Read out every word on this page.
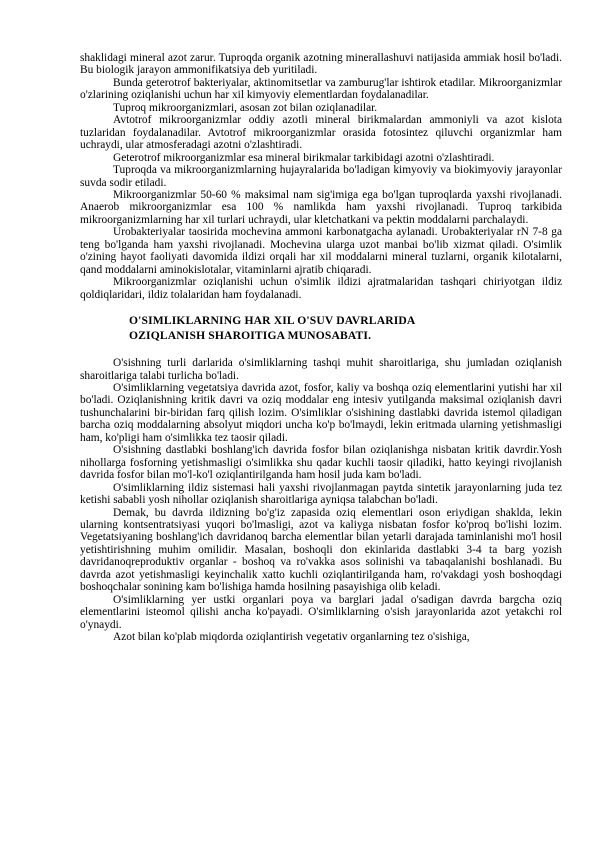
shaklidagi mineral azot zarur. Tuproqda organik azotning minerallashuvi natijasida ammiak hosil bo'ladi. Bu biologik jarayon ammonifikatsiya deb yuritiladi.

Bunda geterotrof bakteriyalar, aktinomitsetlar va zamburug'lar ishtirok etadilar. Mikroorganizmlar o'zlarining oziqlanishi uchun har xil kimyoviy elementlardan foydalanadilar.

Tuproq mikroorganizmlari, asosan zot bilan oziqlanadilar.

Avtotrof mikroorganizmlar oddiy azotli mineral birikmalardan ammoniyli va azot kislota tuzlaridan foydalanadilar. Avtotrof mikroorganizmlar orasida fotosintez qiluvchi organizmlar ham uchraydi, ular atmosferadagi azotni o'zlashtiradi.

Geterotrof mikroorganizmlar esa mineral birikmalar tarkibidagi azotni o'zlashtiradi.

Tuproqda va mikroorganizmlarning hujayralarida bo'ladigan kimyoviy va biokimyoviy jarayonlar suvda sodir etiladi.

Mikroorganizmlar 50-60 % maksimal nam sig'imiga ega bo'lgan tuproqlarda yaxshi rivojlanadi. Anaerob mikroorganizmlar esa 100 % namlikda ham yaxshi rivojlanadi. Tuproq tarkibida mikroorganizmlarning har xil turlari uchraydi, ular kletchatkani va pektin moddalarni parchalaydi.

Urobakteriyalar taosirida mochevina ammoni karbonatgacha aylanadi. Urobakteriyalar rN 7-8 ga teng bo'lganda ham yaxshi rivojlanadi. Mochevina ularga uzot manbai bo'lib xizmat qiladi. O'simlik o'zining hayot faoliyati davomida ildizi orqali har xil moddalarni mineral tuzlarni, organik kilotalarni, qand moddalarni aminokislotalar, vitaminlarni ajratib chiqaradi.

Mikroorganizmlar oziqlanishi uchun o'simlik ildizi ajratmalaridan tashqari chiriyotgan ildiz qoldiqlaridari, ildiz tolalaridan ham foydalanadi.

O'SIMLIKLARNING HAR XIL O'SUV DAVRLARIDA
OZIQLANISH SHAROITIGA MUNOSABATI.

O'sishning turli darlarida o'simliklarning tashqi muhit sharoitlariga, shu jumladan oziqlanish sharoitlariga talabi turlicha bo'ladi.

O'simliklarning vegetatsiya davrida azot, fosfor, kaliy va boshqa oziq elementlarini yutishi har xil bo'ladi. Oziqlanishning kritik davri va oziq moddalar eng intesiv yutilganda maksimal oziqlanish davri tushunchalarini bir-biridan farq qilish lozim. O'simliklar o'sishining dastlabki davrida istemol qiladigan barcha oziq moddalarning absolyut miqdori uncha ko'p bo'lmaydi, lekin eritmada ularning yetishmasligi ham, ko'pligi ham o'simlikka tez taosir qiladi.

O'sishning dastlabki boshlang'ich davrida fosfor bilan oziqlanishga nisbatan kritik davrdir.Yosh nihollarga fosforning yetishmasligi o'simlikka shu qadar kuchli taosir qiladiki, hatto keyingi rivojlanish davrida fosfor bilan mo'l-ko'l oziqlantirilganda ham hosil juda kam bo'ladi.

O'simliklarning ildiz sistemasi hali yaxshi rivojlanmagan paytda sintetik jarayonlarning juda tez ketishi sababli yosh nihollar oziqlanish sharoitlariga ayniqsa talabchan bo'ladi.

Demak, bu davrda ildizning bo'g'iz zapasida oziq elementlari oson eriydigan shaklda, lekin ularning kontsentratsiyasi yuqori bo'lmasligi, azot va kaliyga nisbatan fosfor ko'proq bo'lishi lozim. Vegetatsiyaning boshlang'ich davridanoq barcha elementlar bilan yetarli darajada taminlanishi mo'l hosil yetishtirishning muhim omilidir. Masalan, boshoqli don ekinlarida dastlabki 3-4 ta barg yozish davridanoqreproduktiv organlar - boshoq va ro'vakka asos solinishi va tabaqalanishi boshlanadi. Bu davrda azot yetishmasligi keyinchalik xatto kuchli oziqlantirilganda ham, ro'vakdagi yosh boshoqdagi boshoqchalar sonining kam bo'lishiga hamda hosilning pasayishiga olib keladi.

O'simliklarning yer ustki organlari poya va barglari jadal o'sadigan davrda bargcha oziq elementlarini isteomol qilishi ancha ko'payadi. O'simliklarning o'sish jarayonlarida azot yetakchi rol o'ynaydi.

Azot bilan ko'plab miqdorda oziqlantirish vegetativ organlarning tez o'sishiga,
